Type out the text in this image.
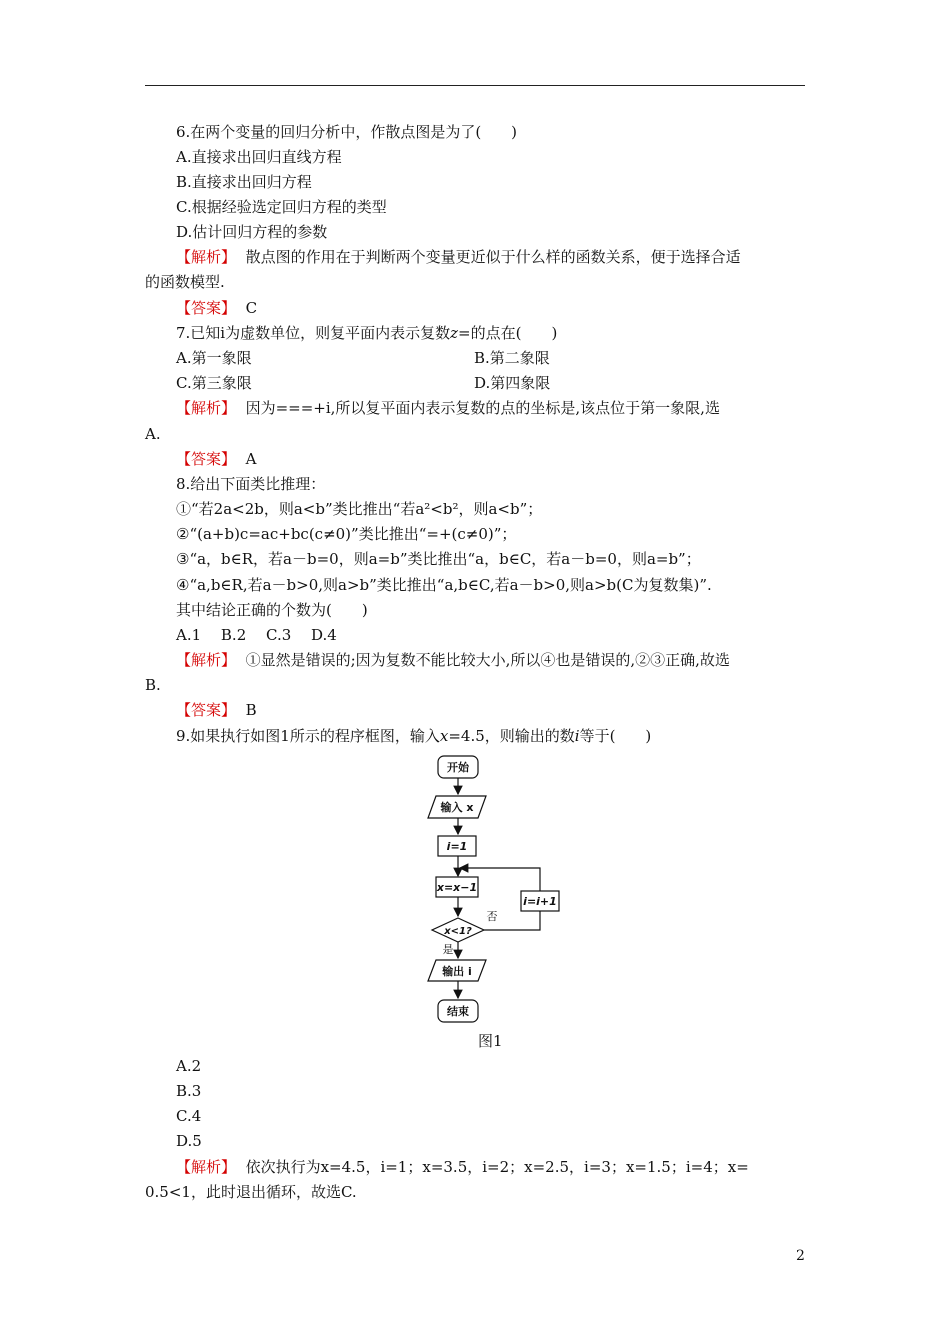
6.在两个变量的回归分析中，作散点图是为了(　　)
A.直接求出回归直线方程
B.直接求出回归方程
C.根据经验选定回归方程的类型
D.估计回归方程的参数
【解析】 散点图的作用在于判断两个变量更近似于什么样的函数关系，便于选择合适
的函数模型.
【答案】 C
7.已知i为虚数单位，则复平面内表示复数z=的点在(　　)
A.第一象限	B.第二象限
C.第三象限	D.第四象限
【解析】 因为===+i,所以复平面内表示复数的点的坐标是,该点位于第一象限,选
A.
【答案】 A
8.给出下面类比推理：
①“若2a<2b，则a<b”类比推出“若a²<b²，则a<b”；
②“(a+b)c=ac+bc(c≠0)”类比推出“=+(c≠0)”；
③“a，b∈R，若a－b=0，则a=b”类比推出“a，b∈C，若a－b=0，则a=b”；
④“a,b∈R,若a－b>0,则a>b”类比推出“a,b∈C,若a－b>0,则a>b(C为复数集)”.
其中结论正确的个数为(　　)
A.1　 B.2　 C.3　 D.4
【解析】 ①显然是错误的;因为复数不能比较大小,所以④也是错误的,②③正确,故选
B.
【答案】 B
9.如果执行如图1所示的程序框图，输入x=4.5，则输出的数i等于(　　)
开始
输入 x
i=1
x=x−1
i=i+1
x<1?
否
是
输出 i
结束
图1
A.2
B.3
C.4
D.5
【解析】 依次执行为x=4.5，i=1；x=3.5，i=2；x=2.5，i=3；x=1.5；i=4；x=
0.5<1，此时退出循环，故选C.
2
